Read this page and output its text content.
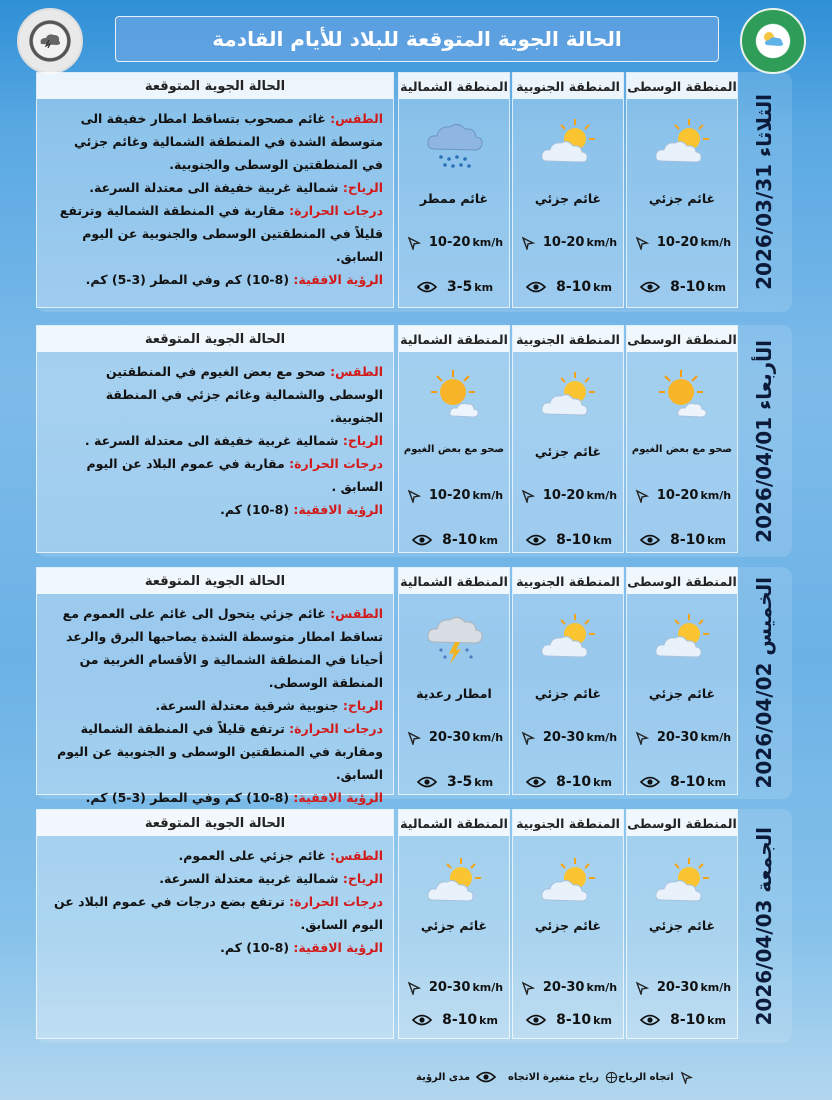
الحالة الجوية المتوقعة للبلاد للأيام القادمة
الثلاثاء 2026/03/31
الحالة الجوية المتوقعة
الطقس: غائم مصحوب بتساقط امطار خفيفة الى متوسطة الشدة في المنطقة الشمالية وغائم جزئي في المنطقتين الوسطى والجنوبية.
الرياح: شمالية غربية خفيفة الى معتدلة السرعة.
درجات الحرارة: مقاربة في المنطقة الشمالية وترتفع قليلاً في المنطقتين الوسطى والجنوبية عن اليوم السابق.
الرؤية الافقية: (8-10) كم وفي المطر (3-5) كم.
المنطقة الوسطى
غائم جزئي
10-20 km/h
8-10 km
المنطقة الجنوبية
غائم جزئي
10-20 km/h
8-10 km
المنطقة الشمالية
غائم ممطر
10-20 km/h
3-5 km
الأربعاء 2026/04/01
الحالة الجوية المتوقعة
الطقس: صحو مع بعض الغيوم في المنطقتين الوسطى والشمالية وغائم جزئي في المنطقة الجنوبية.
الرياح: شمالية غربية خفيفة الى معتدلة السرعة .
درجات الحرارة: مقاربة في عموم البلاد عن اليوم السابق .
الرؤية الافقية: (8-10) كم.
المنطقة الوسطى
صحو مع بعض الغيوم
10-20 km/h
8-10 km
المنطقة الجنوبية
غائم جزئي
10-20 km/h
8-10 km
المنطقة الشمالية
صحو مع بعض الغيوم
10-20 km/h
8-10 km
الخميس 2026/04/02
الحالة الجوية المتوقعة
الطقس: غائم جزئي يتحول الى غائم على العموم مع تساقط امطار متوسطة الشدة يصاحبها البرق والرعد أحيانا في المنطقة الشمالية و الأقسام الغربية من المنطقة الوسطى.
الرياح: جنوبية شرقية معتدلة السرعة.
درجات الحرارة: ترتفع قليلاً في المنطقة الشمالية ومقاربة في المنطقتين الوسطى و الجنوبية عن اليوم السابق.
الرؤية الافقية: (8-10) كم وفي المطر (3-5) كم.
المنطقة الوسطى
غائم جزئي
20-30 km/h
8-10 km
المنطقة الجنوبية
غائم جزئي
20-30 km/h
8-10 km
المنطقة الشمالية
امطار رعدية
20-30 km/h
3-5 km
الجمعة 2026/04/03
الحالة الجوية المتوقعة
الطقس: غائم جزئي على العموم.
الرياح: شمالية غربية معتدلة السرعة.
درجات الحرارة: ترتفع بضع درجات في عموم البلاد عن اليوم السابق.
الرؤية الافقية: (8-10) كم.
المنطقة الوسطى
غائم جزئي
20-30 km/h
8-10 km
المنطقة الجنوبية
غائم جزئي
20-30 km/h
8-10 km
المنطقة الشمالية
غائم جزئي
20-30 km/h
8-10 km
اتجاه الرياح
رياح متغيرة الاتجاه
مدى الرؤية
